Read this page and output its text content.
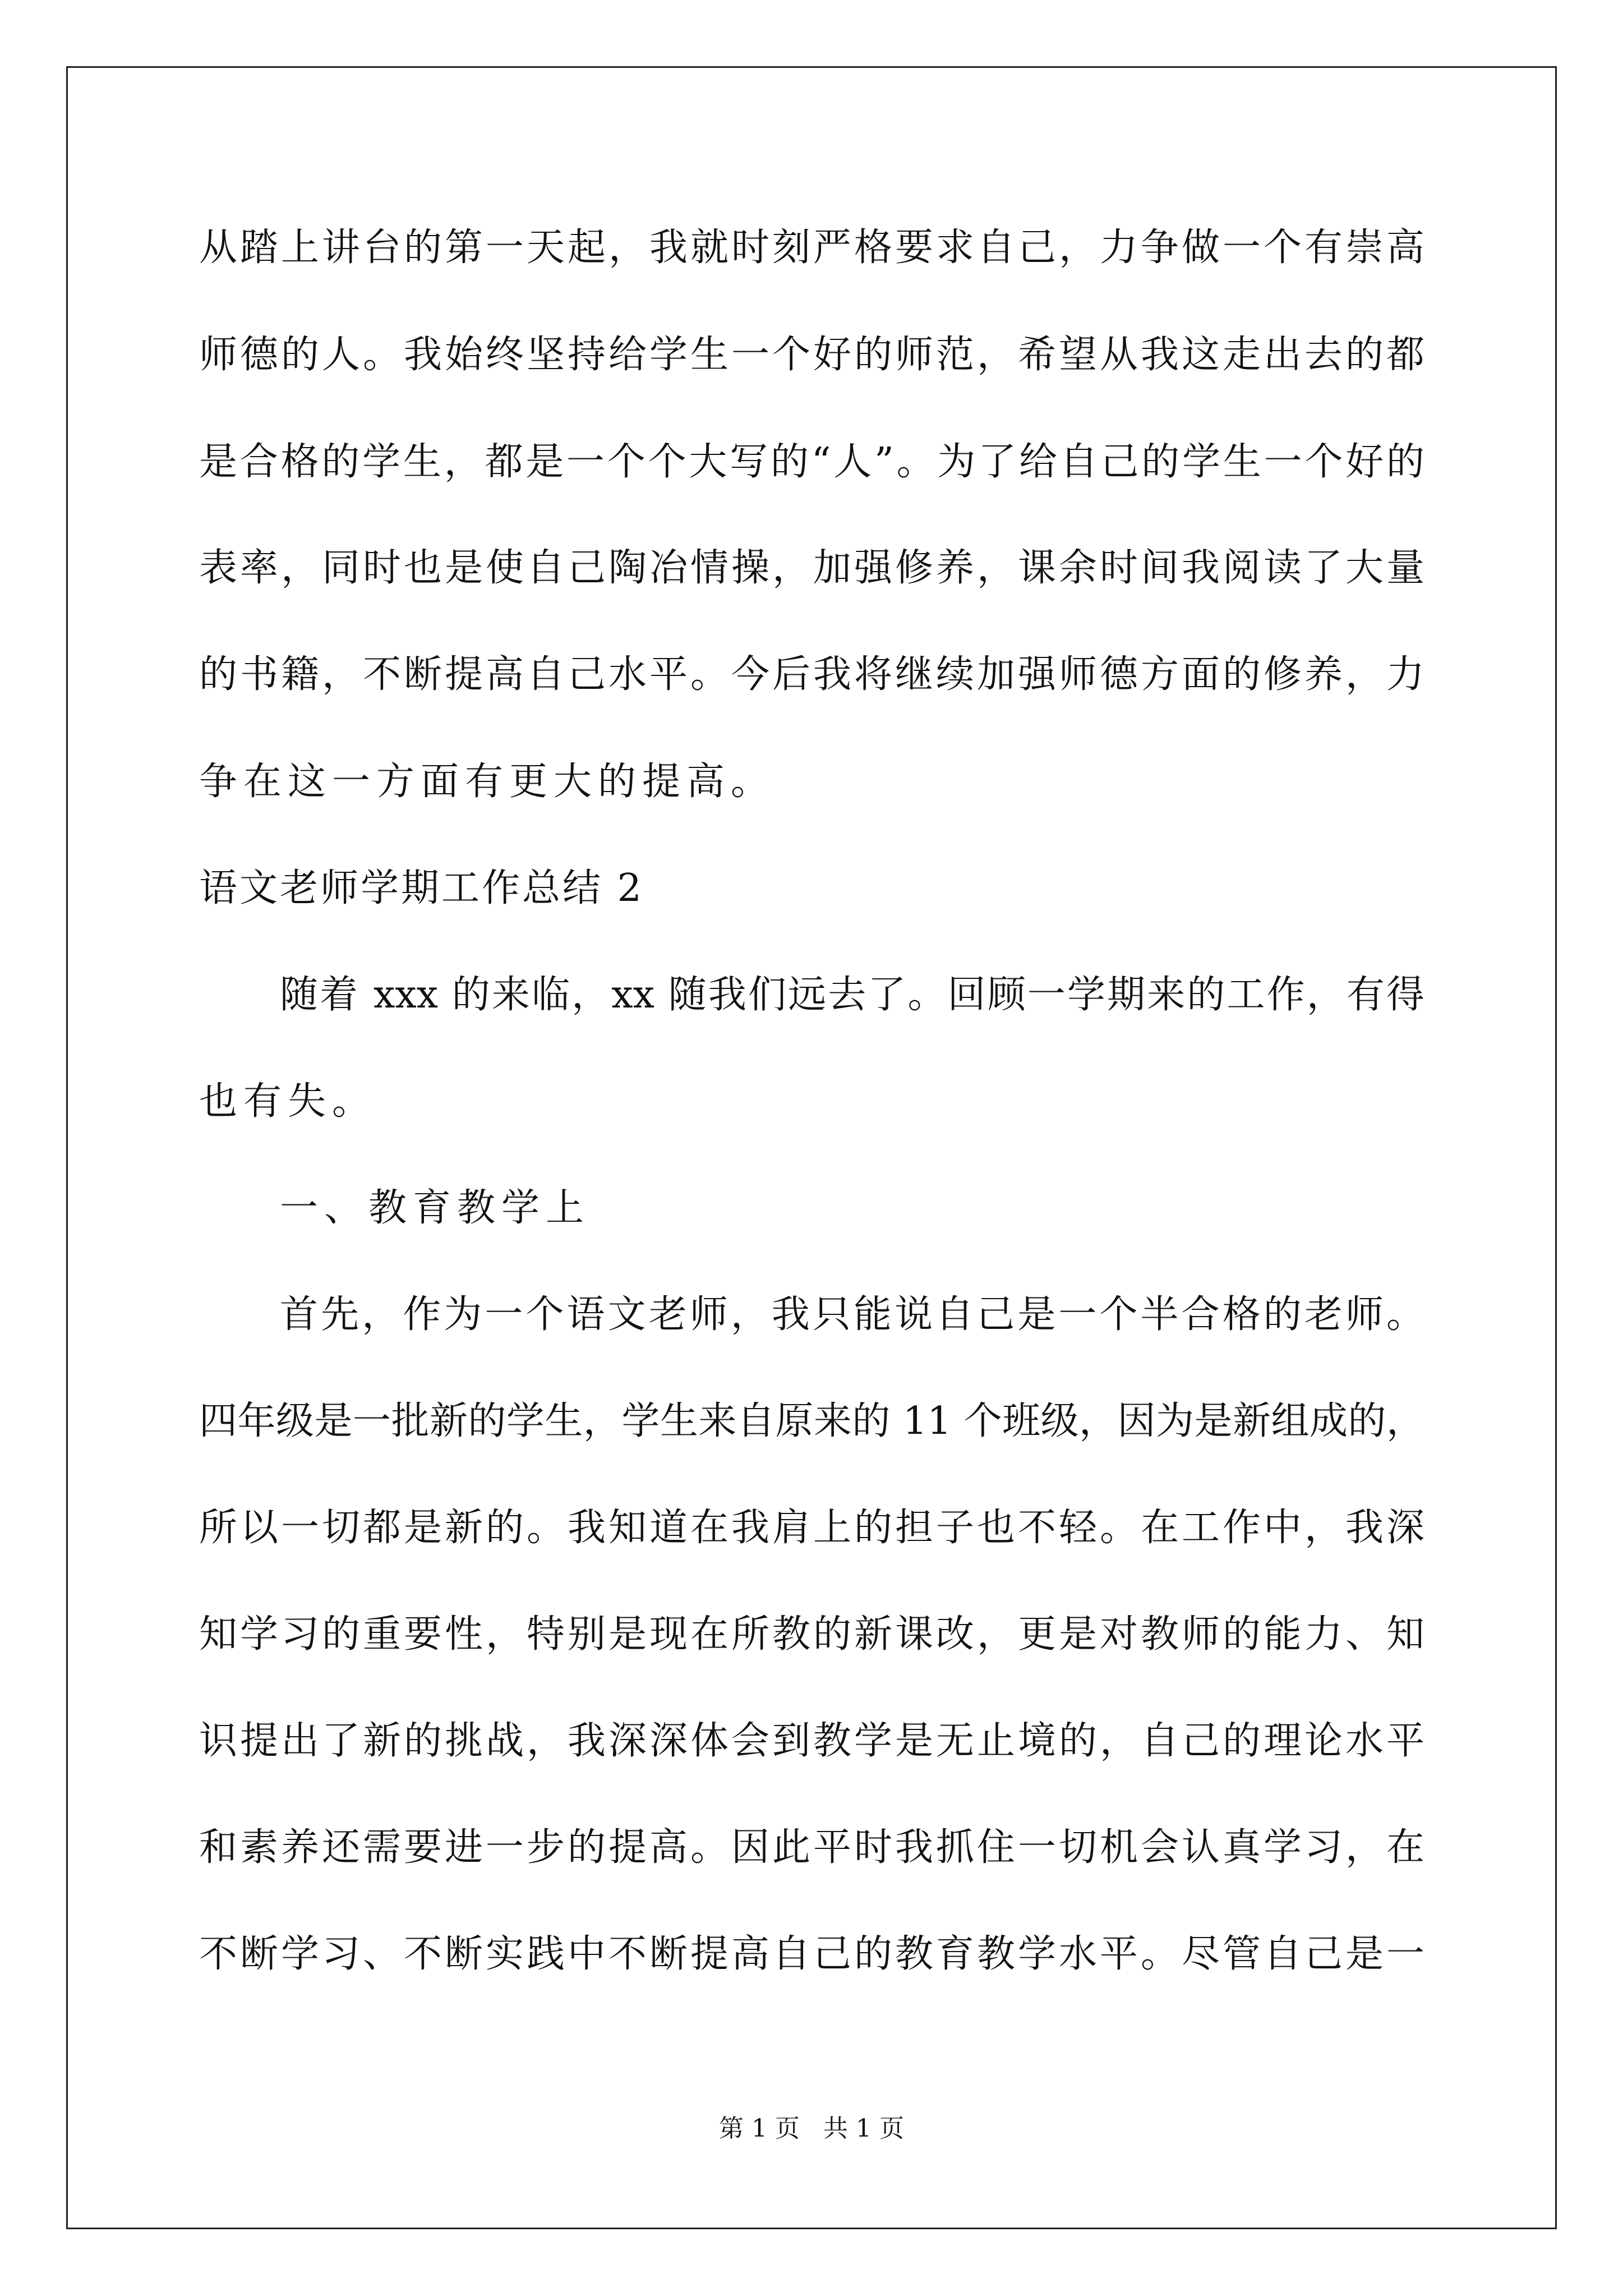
从踏上讲台的第一天起，我就时刻严格要求自己，力争做一个有崇高
师德的人。我始终坚持给学生一个好的师范，希望从我这走出去的都
是合格的学生，都是一个个大写的“人”。为了给自己的学生一个好的
表率，同时也是使自己陶冶情操，加强修养，课余时间我阅读了大量
的书籍，不断提高自己水平。今后我将继续加强师德方面的修养，力
争在这一方面有更大的提高。
语文老师学期工作总结 2
随着 xxx 的来临，xx 随我们远去了。回顾一学期来的工作，有得
也有失。
一、教育教学上
首先，作为一个语文老师，我只能说自己是一个半合格的老师。
四年级是一批新的学生，学生来自原来的 11 个班级，因为是新组成的，
所以一切都是新的。我知道在我肩上的担子也不轻。在工作中，我深
知学习的重要性，特别是现在所教的新课改，更是对教师的能力、知
识提出了新的挑战，我深深体会到教学是无止境的，自己的理论水平
和素养还需要进一步的提高。因此平时我抓住一切机会认真学习，在
不断学习、不断实践中不断提高自己的教育教学水平。尽管自己是一
第 1 页   共 1 页
